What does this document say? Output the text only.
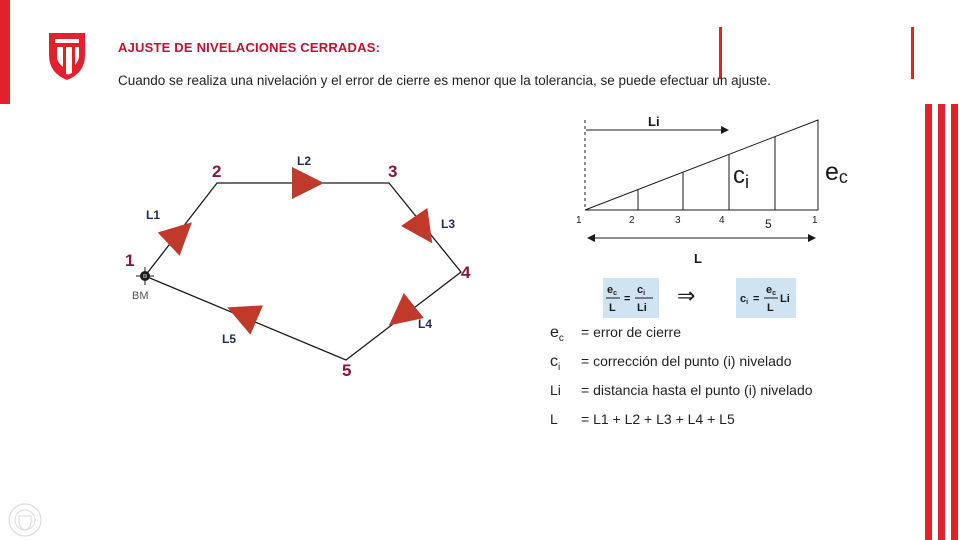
AJUSTE DE NIVELACIONES CERRADAS:
Cuando se realiza una nivelación y el error de cierre es menor que la tolerancia, se puede efectuar un ajuste.
1
2	3
4
5
L1
L2
L3
L4
L5
BM
Li
L
$c_i$	ec
1	2	3	4	1
5
ec
L
=
ci
Li ⇒	ci =
ec
L
Li
$e_c$ = error de cierre
$c_i$ = corrección del punto (i) nivelado
Li = distancia hasta el punto (i) nivelado
L = L1 + L2 + L3 + L4 + L5
